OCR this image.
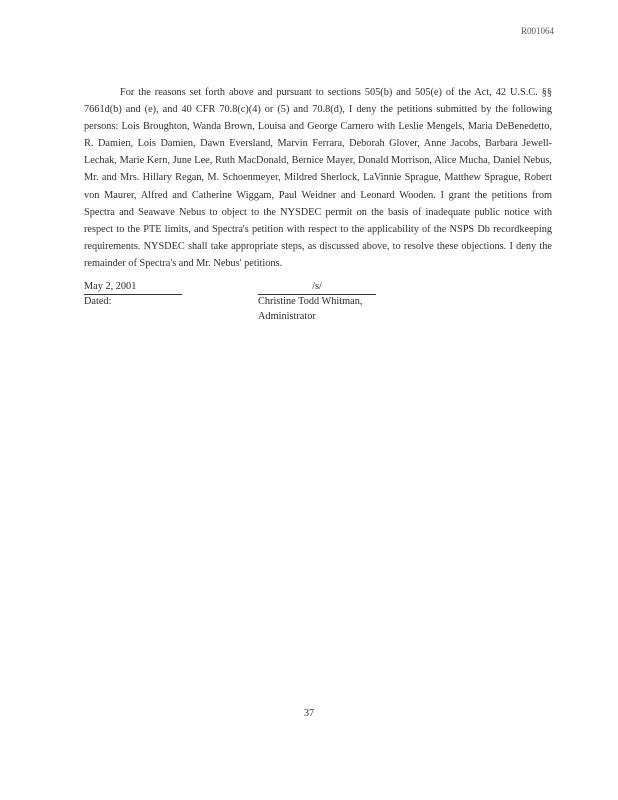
R001064

For the reasons set forth above and pursuant to sections 505(b) and 505(e) of the Act, 42 U.S.C. §§ 7661d(b) and (e), and 40 CFR 70.8(c)(4) or (5) and 70.8(d), I deny the petitions submitted by the following persons: Lois Broughton, Wanda Brown, Louisa and George Carnero with Leslie Mengels, Maria DeBenedetto, R. Damien, Lois Damien, Dawn Eversland, Marvin Ferrara, Deborah Glover, Anne Jacobs, Barbara Jewell-Lechak, Marie Kern, June Lee, Ruth MacDonald, Bernice Mayer, Donald Morrison, Alice Mucha, Daniel Nebus, Mr. and Mrs. Hillary Regan, M. Schoenmeyer, Mildred Sherlock, LaVinnie Sprague, Matthew Sprague, Robert von Maurer, Alfred and Catherine Wiggam, Paul Weidner and Leonard Wooden. I grant the petitions from Spectra and Seawave Nebus to object to the NYSDEC permit on the basis of inadequate public notice with respect to the PTE limits, and Spectra's petition with respect to the applicability of the NSPS Db recordkeeping requirements. NYSDEC shall take appropriate steps, as discussed above, to resolve these objections. I deny the remainder of Spectra's and Mr. Nebus' petitions.

May 2, 2001
Dated:
/s/
Christine Todd Whitman,
Administrator
37
